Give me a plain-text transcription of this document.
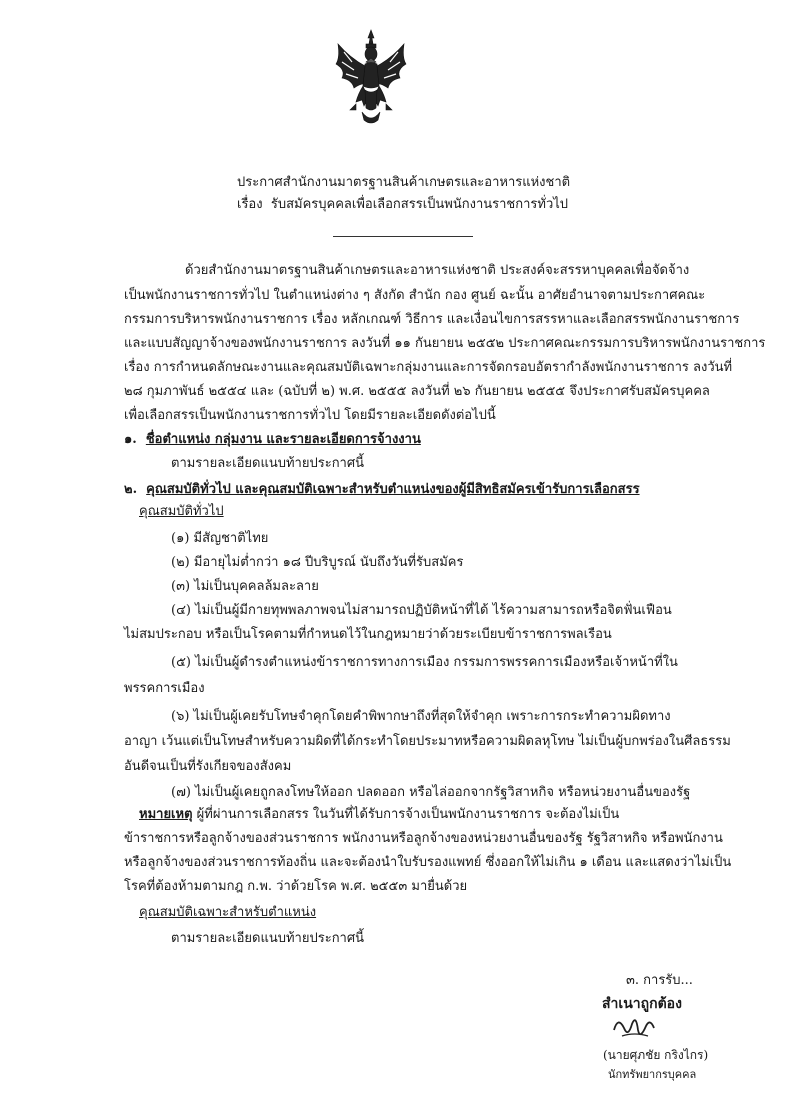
ประกาศสำนักงานมาตรฐานสินค้าเกษตรและอาหารแห่งชาติ
เรื่อง รับสมัครบุคคลเพื่อเลือกสรรเป็นพนักงานราชการทั่วไป
ด้วยสำนักงานมาตรฐานสินค้าเกษตรและอาหารแห่งชาติ ประสงค์จะสรรหาบุคคลเพื่อจัดจ้าง
เป็นพนักงานราชการทั่วไป ในตำแหน่งต่าง ๆ สังกัด สำนัก กอง ศูนย์ ฉะนั้น อาศัยอำนาจตามประกาศคณะ
กรรมการบริหารพนักงานราชการ เรื่อง หลักเกณฑ์ วิธีการ และเงื่อนไขการสรรหาและเลือกสรรพนักงานราชการ
และแบบสัญญาจ้างของพนักงานราชการ ลงวันที่ ๑๑ กันยายน ๒๕๕๒ ประกาศคณะกรรมการบริหารพนักงานราชการ
เรื่อง การกำหนดลักษณะงานและคุณสมบัติเฉพาะกลุ่มงานและการจัดกรอบอัตรากำลังพนักงานราชการ ลงวันที่
๒๘ กุมภาพันธ์ ๒๕๕๔ และ (ฉบับที่ ๒) พ.ศ. ๒๕๕๕ ลงวันที่ ๒๖ กันยายน ๒๕๕๕ จึงประกาศรับสมัครบุคคล
เพื่อเลือกสรรเป็นพนักงานราชการทั่วไป โดยมีรายละเอียดดังต่อไปนี้
๑. ชื่อตำแหน่ง กลุ่มงาน และรายละเอียดการจ้างงาน
ตามรายละเอียดแนบท้ายประกาศนี้
๒. คุณสมบัติทั่วไป และคุณสมบัติเฉพาะสำหรับตำแหน่งของผู้มีสิทธิสมัครเข้ารับการเลือกสรร
คุณสมบัติทั่วไป
(๑) มีสัญชาติไทย
(๒) มีอายุไม่ต่ำกว่า ๑๘ ปีบริบูรณ์ นับถึงวันที่รับสมัคร
(๓) ไม่เป็นบุคคลล้มละลาย
(๔) ไม่เป็นผู้มีกายทุพพลภาพจนไม่สามารถปฏิบัติหน้าที่ได้ ไร้ความสามารถหรือจิตฟั่นเฟือน
ไม่สมประกอบ หรือเป็นโรคตามที่กำหนดไว้ในกฎหมายว่าด้วยระเบียบข้าราชการพลเรือน
(๕) ไม่เป็นผู้ดำรงตำแหน่งข้าราชการทางการเมือง กรรมการพรรคการเมืองหรือเจ้าหน้าที่ใน
พรรคการเมือง
(๖) ไม่เป็นผู้เคยรับโทษจำคุกโดยคำพิพากษาถึงที่สุดให้จำคุก เพราะการกระทำความผิดทาง
อาญา เว้นแต่เป็นโทษสำหรับความผิดที่ได้กระทำโดยประมาทหรือความผิดลหุโทษ ไม่เป็นผู้บกพร่องในศีลธรรม
อันดีจนเป็นที่รังเกียจของสังคม
(๗) ไม่เป็นผู้เคยถูกลงโทษให้ออก ปลดออก หรือไล่ออกจากรัฐวิสาหกิจ หรือหน่วยงานอื่นของรัฐ
หมายเหตุ ผู้ที่ผ่านการเลือกสรร ในวันที่ได้รับการจ้างเป็นพนักงานราชการ จะต้องไม่เป็น
ข้าราชการหรือลูกจ้างของส่วนราชการ พนักงานหรือลูกจ้างของหน่วยงานอื่นของรัฐ รัฐวิสาหกิจ หรือพนักงาน
หรือลูกจ้างของส่วนราชการท้องถิ่น และจะต้องนำใบรับรองแพทย์ ซึ่งออกให้ไม่เกิน ๑ เดือน และแสดงว่าไม่เป็น
โรคที่ต้องห้ามตามกฎ ก.พ. ว่าด้วยโรค พ.ศ. ๒๕๕๓ มายื่นด้วย
คุณสมบัติเฉพาะสำหรับตำแหน่ง
ตามรายละเอียดแนบท้ายประกาศนี้
๓. การรับ...
สำเนาถูกต้อง
(นายศุภชัย กริงไกร)
นักทรัพยากรบุคคล
